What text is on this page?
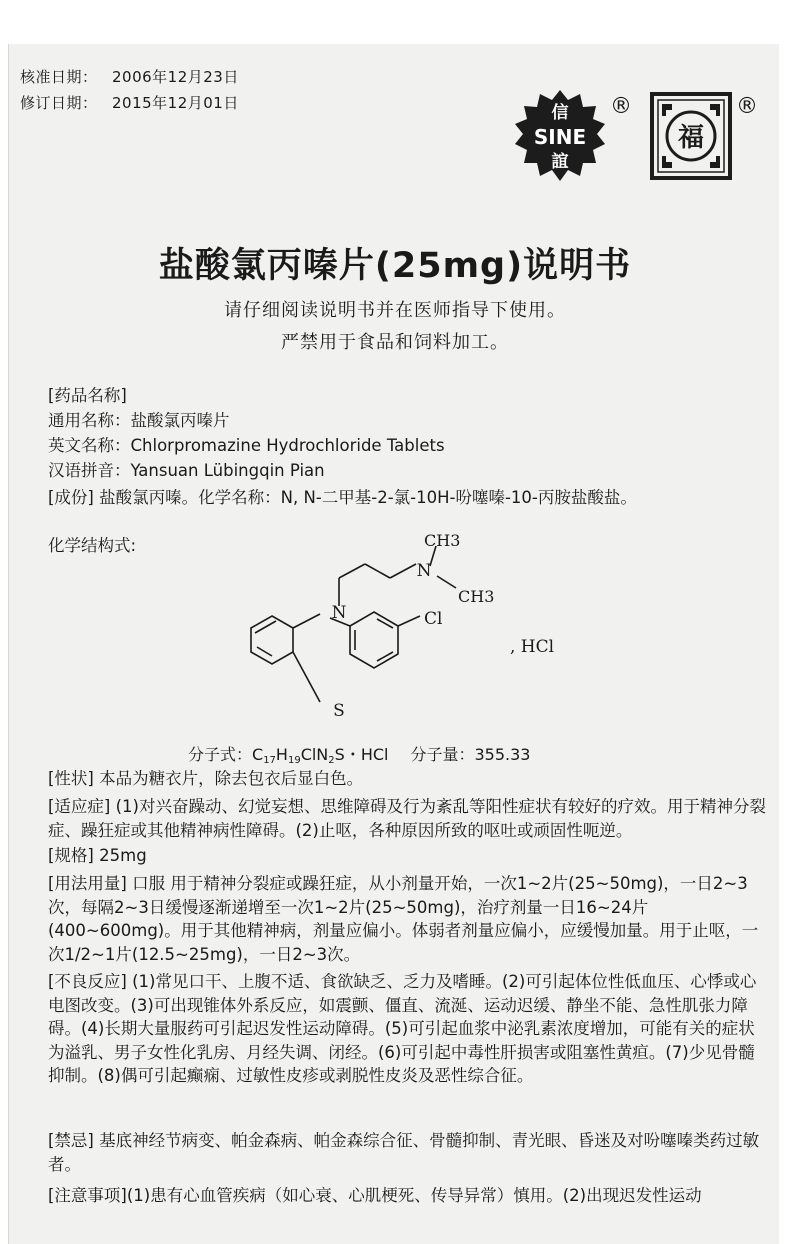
核准日期： 2006年12月23日
修订日期： 2015年12月01日	信
SINE
誼
®
福
®
盐酸氯丙嗪片(25mg)说明书
请仔细阅读说明书并在医师指导下使用。
严禁用于食品和饲料加工。
[药品名称]
通用名称：盐酸氯丙嗪片
英文名称：Chlorpromazine Hydrochloride Tablets
汉语拼音：Yansuan Lübingqin Pian
[成份] 盐酸氯丙嗪。化学名称：N, N-二甲基-2-氯-10H-吩噻嗪-10-丙胺盐酸盐。
化学结构式:
N
S
N
CH3
CH3
Cl
, HCl
分子式：$C_{17}H_{19}ClN_2S$・HCl 分子量：355.33
[性状] 本品为糖衣片，除去包衣后显白色。
[适应症] (1)对兴奋躁动、幻觉妄想、思维障碍及行为紊乱等阳性症状有较好的疗效。用于精神分裂症、躁狂症或其他精神病性障碍。(2)止呕，各种原因所致的呕吐或顽固性呃逆。
[规格] 25mg
[用法用量] 口服 用于精神分裂症或躁狂症，从小剂量开始，一次1~2片(25~50mg)，一日2~3次，每隔2~3日缓慢逐渐递增至一次1~2片(25~50mg)，治疗剂量一日16~24片 (400~600mg)。用于其他精神病，剂量应偏小。体弱者剂量应偏小，应缓慢加量。用于止呕，一次1/2~1片(12.5~25mg)，一日2~3次。
[不良反应] (1)常见口干、上腹不适、食欲缺乏、乏力及嗜睡。(2)可引起体位性低血压、心悸或心电图改变。(3)可出现锥体外系反应，如震颤、僵直、流涎、运动迟缓、静坐不能、急性肌张力障碍。(4)长期大量服药可引起迟发性运动障碍。(5)可引起血浆中泌乳素浓度增加，可能有关的症状为溢乳、男子女性化乳房、月经失调、闭经。(6)可引起中毒性肝损害或阻塞性黄疸。(7)少见骨髓抑制。(8)偶可引起癫痫、过敏性皮疹或剥脱性皮炎及恶性综合征。
[禁忌] 基底神经节病变、帕金森病、帕金森综合征、骨髓抑制、青光眼、昏迷及对吩噻嗪类药过敏者。
[注意事项](1)患有心血管疾病（如心衰、心肌梗死、传导异常）慎用。(2)出现迟发性运动
